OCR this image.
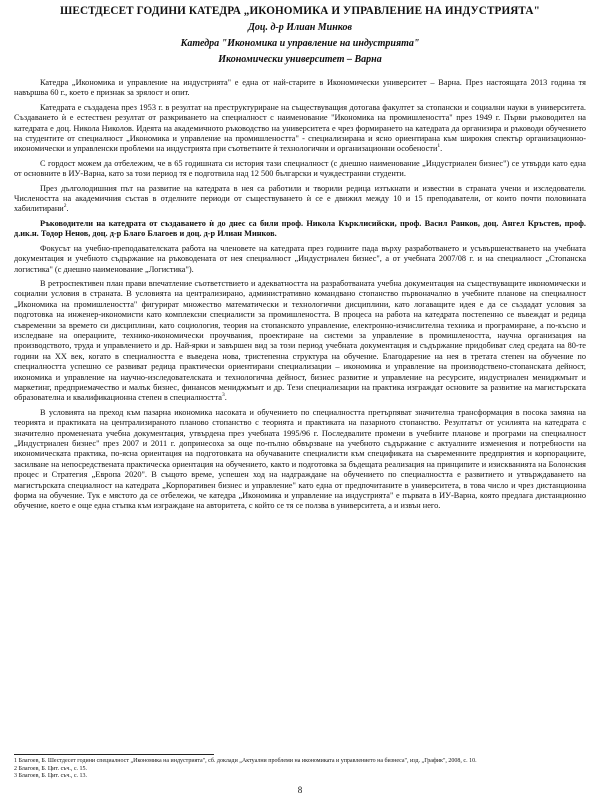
ШЕСТДЕСЕТ ГОДИНИ КАТЕДРА „ИКОНОМИКА И УПРАВЛЕНИЕ НА ИНДУСТРИЯТА"
Доц. д-р Илиан Минков
Катедра "Икономика и управление на индустрията"
Икономически университет – Варна

Катедра „Икономика и управление на индустрията" е една от най-старите в Икономически университет – Варна. През настоящата 2013 година тя навършва 60 г., което е признак за зрялост и опит.

Катедрата е създадена през 1953 г. в резултат на преструктуриране на съществуващия дотогава факултет за стопански и социални науки в университета. Създаването ѝ е естествен резултат от разкриването на специалност с наименование "Икономика на промишлеността" през 1949 г. Първи ръководител на катедрата е доц. Никола Николов. Идеята на академичното ръководство на университета е чрез формирането на катедрата да организира и ръководи обучението на студентите от специалност „Икономика и управление на промишлеността" - специализирана и ясно ориентирана към широкия спектър организационно-икономически и управленски проблеми на индустрията при съответните ѝ технологични и организационни особености$^1$.

С гордост можем да отбележим, че в 65 годишната си история тази специалност (с днешно наименование „Индустриален бизнес") се утвърди като една от основните в ИУ-Варна, като за този период тя е подготвила над 12 500 български и чуждестранни студенти.

През дълголодишния път на развитие на катедрата в нея са работили и творили редица изтъкнати и известни в страната учени и изследователи. Числеността на академичния състав в отделните периоди от съществуването ѝ се е движил между 10 и 15 преподаватели, от които почти половината хабилитирани$^2$.

Ръководители на катедрата от създаването ѝ до днес са били проф. Никола Кърклисийски, проф. Васил Ранков, доц. Ангел Кръстев, проф. д.ик.н. Тодор Ненов, доц. д-р Благо Благоев и доц. д-р Илиан Минков.

Фокусът на учебно-преподавателската работа на членовете на катедрата през годините пада върху разработването и усъвършенстването на учебната документация и учебното съдържание на ръководената от нея специалност „Индустриален бизнес", а от учебната 2007/08 г. и на специалност „Стопанска логистика" (с днешно наименование „Логистика").

В ретроспективен план прави впечатление съответствието и адекватността на разработваната учебна документация на съществуващите икономически и социални условия в страната. В условията на централизирано, административно командвано стопанство първоначално в учебните планове на специалност „Икономика на промишлеността" фигурират множество математически и технологични дисциплини, като логаващите идея е да се създадат условия за подготовка на инженер-икономисти като комплексни специалисти за промишлеността. В процеса на работа на катедрата постепенно се въвеждат и редица съвременни за времето си дисциплини, като социология, теория на стопанското управление, електронно-изчислителна техника и програмиране, а по-късно и изследване на операциите, технико-икономически проучвания, проектиране на системи за управление в промишлеността, научна организация на производството, труда и управлението и др. Най-ярки и завършен вид за този период учебната документация и съдържание придобиват след средата на 80-те години на XX век, когато в специалността е въведена нова, тристепенна структура на обучение. Благодарение на нея в третата степен на обучение по специалността успешно се развиват редица практически ориентирани специализации – икономика и управление на производствено-стопанската дейност, икономика и управление на научно-изследователската и технологична дейност, бизнес развитие и управление на ресурсите, индустриален мениджмънт и маркетинг, предприемачество и малък бизнес, финансов мениджмънт и др. Тези специализации на практика изграждат основите за развитие на магистърската образователна и квалификационна степен в специалността$^3$.

В условията на преход към пазарна икономика насоката и обучението по специалността претърпяват значителна трансформация в посока замяна на теорията и практиката на централизираното планово стопанство с теорията и практиката на пазарното стопанство. Резултатът от усилията на катедрата с значително променената учебна документация, утвърдена през учебната 1995/96 г. Последвалите промени в учебните планове и програми на специалност „Индустриален бизнес" през 2007 и 2011 г. допринесоха за още по-пълно обвързване на учебното съдържание с актуалните изменения и потребности на икономическата практика, по-ясна ориентация на подготовката на обучаваните специалисти към спецификата на съвременните предприятия и корпорациите, засилване на непосредствената практическа ориентация на обучението, както и подготовка за бъдещата реализация на принципите и изискванията на Болонския процес и Стратегия „Европа 2020". В същото време, успешен ход на надграждане на обучението по специалността е развитието и утвърждаването на магистърската специалност на катедрата „Корпоративен бизнес и управление" като една от предпочитаните в университета, в това число и чрез дистанционна форма на обучение. Тук е мястото да се отбележи, че катедра „Икономика и управление на индустрията" е първата в ИУ-Варна, която предлага дистанционно обучение, което е още една стъпка към изграждане на авторитета, с който се тя се ползва в университета, а и извън него.

1 Благоев, Б. Шестдесет години специалност „Икономика на индустрията", сб. доклади „Актуални проблеми на икономиката и управлението на бизнеса", изд. „График", 2008, с. 10.

2 Благоев, Б. Цит. съч., с. 15.

3 Благоев, Б. Цит. съч., с. 13.

8
